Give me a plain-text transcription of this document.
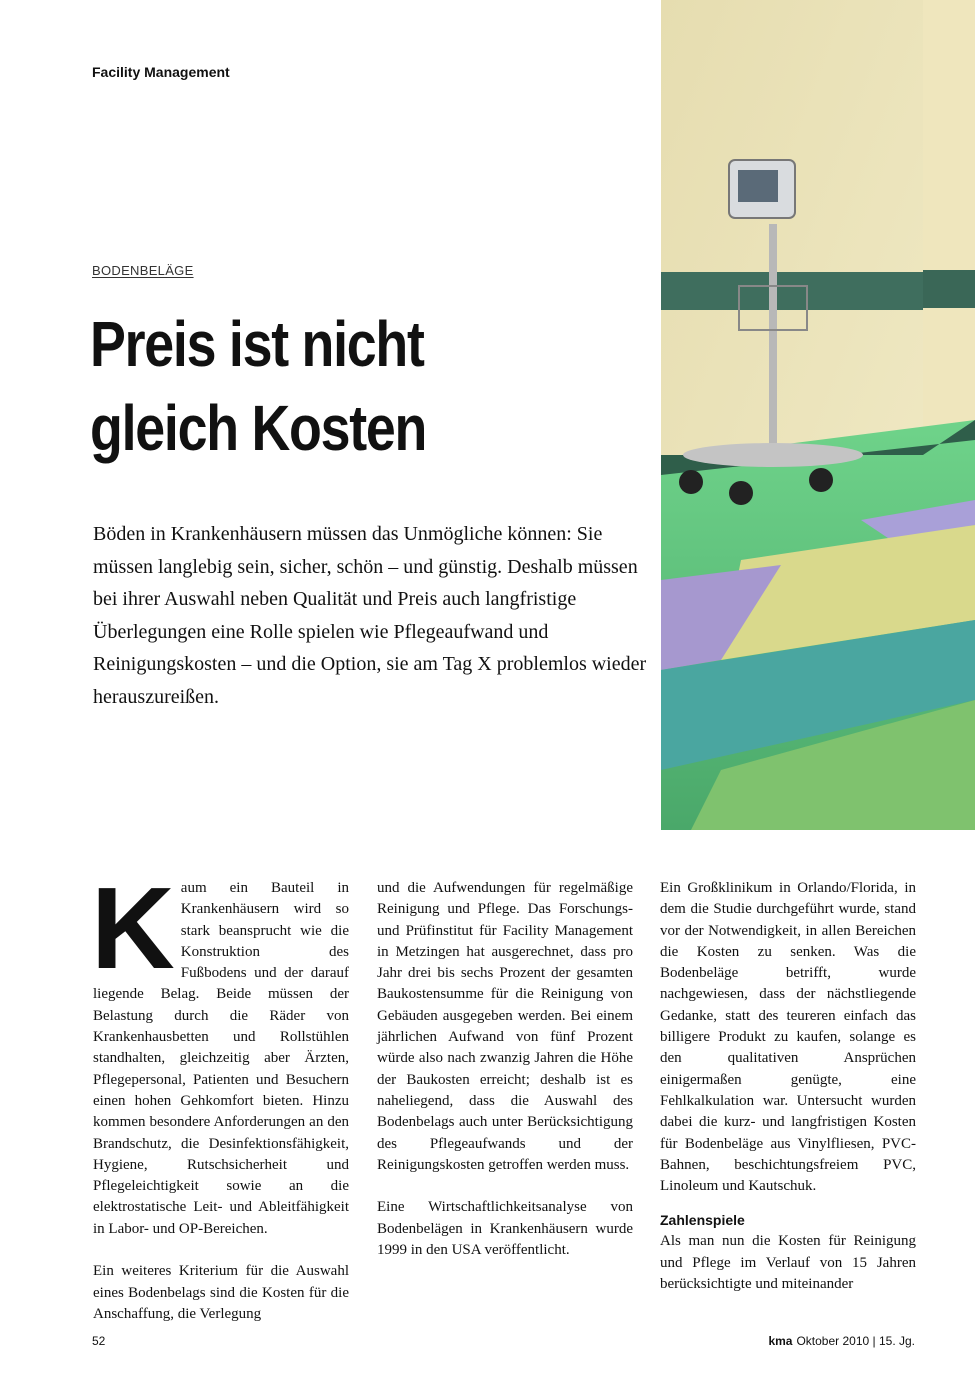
Facility Management
BODENBELÄGE
Preis ist nicht
gleich Kosten

Böden in Krankenhäusern müssen das Unmögliche können: Sie müssen langlebig sein, sicher, schön – und günstig. Deshalb müssen bei ihrer Auswahl neben Qualität und Preis auch langfristige Überlegungen eine Rolle spielen wie Pflegeaufwand und Reinigungskosten – und die Option, sie am Tag X problemlos wieder herauszureißen.

K aum ein Bauteil in Krankenhäusern wird so stark beansprucht wie die Konstruktion des Fußbodens und der darauf liegende Belag. Beide müssen der Belastung durch die Räder von Krankenhausbetten und Rollstühlen standhalten, gleichzeitig aber Ärzten, Pflegepersonal, Patienten und Besuchern einen hohen Gehkomfort bieten. Hinzu kommen besondere Anforderungen an den Brandschutz, die Desinfektionsfähigkeit, Hygiene, Rutschsicherheit und Pflegeleichtigkeit sowie an die elektrostatische Leit- und Ableitfähigkeit in Labor- und OP-Bereichen.

Ein weiteres Kriterium für die Auswahl eines Bodenbelags sind die Kosten für die Anschaffung, die Verlegung

und die Aufwendungen für regelmäßige Reinigung und Pflege. Das Forschungs- und Prüfinstitut für Facility Management in Metzingen hat ausgerechnet, dass pro Jahr drei bis sechs Prozent der gesamten Baukostensumme für die Reinigung von Gebäuden ausgegeben werden. Bei einem jährlichen Aufwand von fünf Prozent würde also nach zwanzig Jahren die Höhe der Baukosten erreicht; deshalb ist es naheliegend, dass die Auswahl des Bodenbelags auch unter Berücksichtigung des Pflegeaufwands und der Reinigungskosten getroffen werden muss.

Eine Wirtschaftlichkeitsanalyse von Bodenbelägen in Krankenhäusern wurde 1999 in den USA veröffentlicht.

Ein Großklinikum in Orlando/Florida, in dem die Studie durchgeführt wurde, stand vor der Notwendigkeit, in allen Bereichen die Kosten zu senken. Was die Bodenbeläge betrifft, wurde nachgewiesen, dass der nächstliegende Gedanke, statt des teureren einfach das billigere Produkt zu kaufen, solange es den qualitativen Ansprüchen einigermaßen genügte, eine Fehlkalkulation war. Untersucht wurden dabei die kurz- und langfristigen Kosten für Bodenbeläge aus Vinylfliesen, PVC-Bahnen, beschichtungsfreiem PVC, Linoleum und Kautschuk.

Zahlenspiele

Als man nun die Kosten für Reinigung und Pflege im Verlauf von 15 Jahren berücksichtigte und miteinander

52	kma Oktober 2010 | 15. Jg.
